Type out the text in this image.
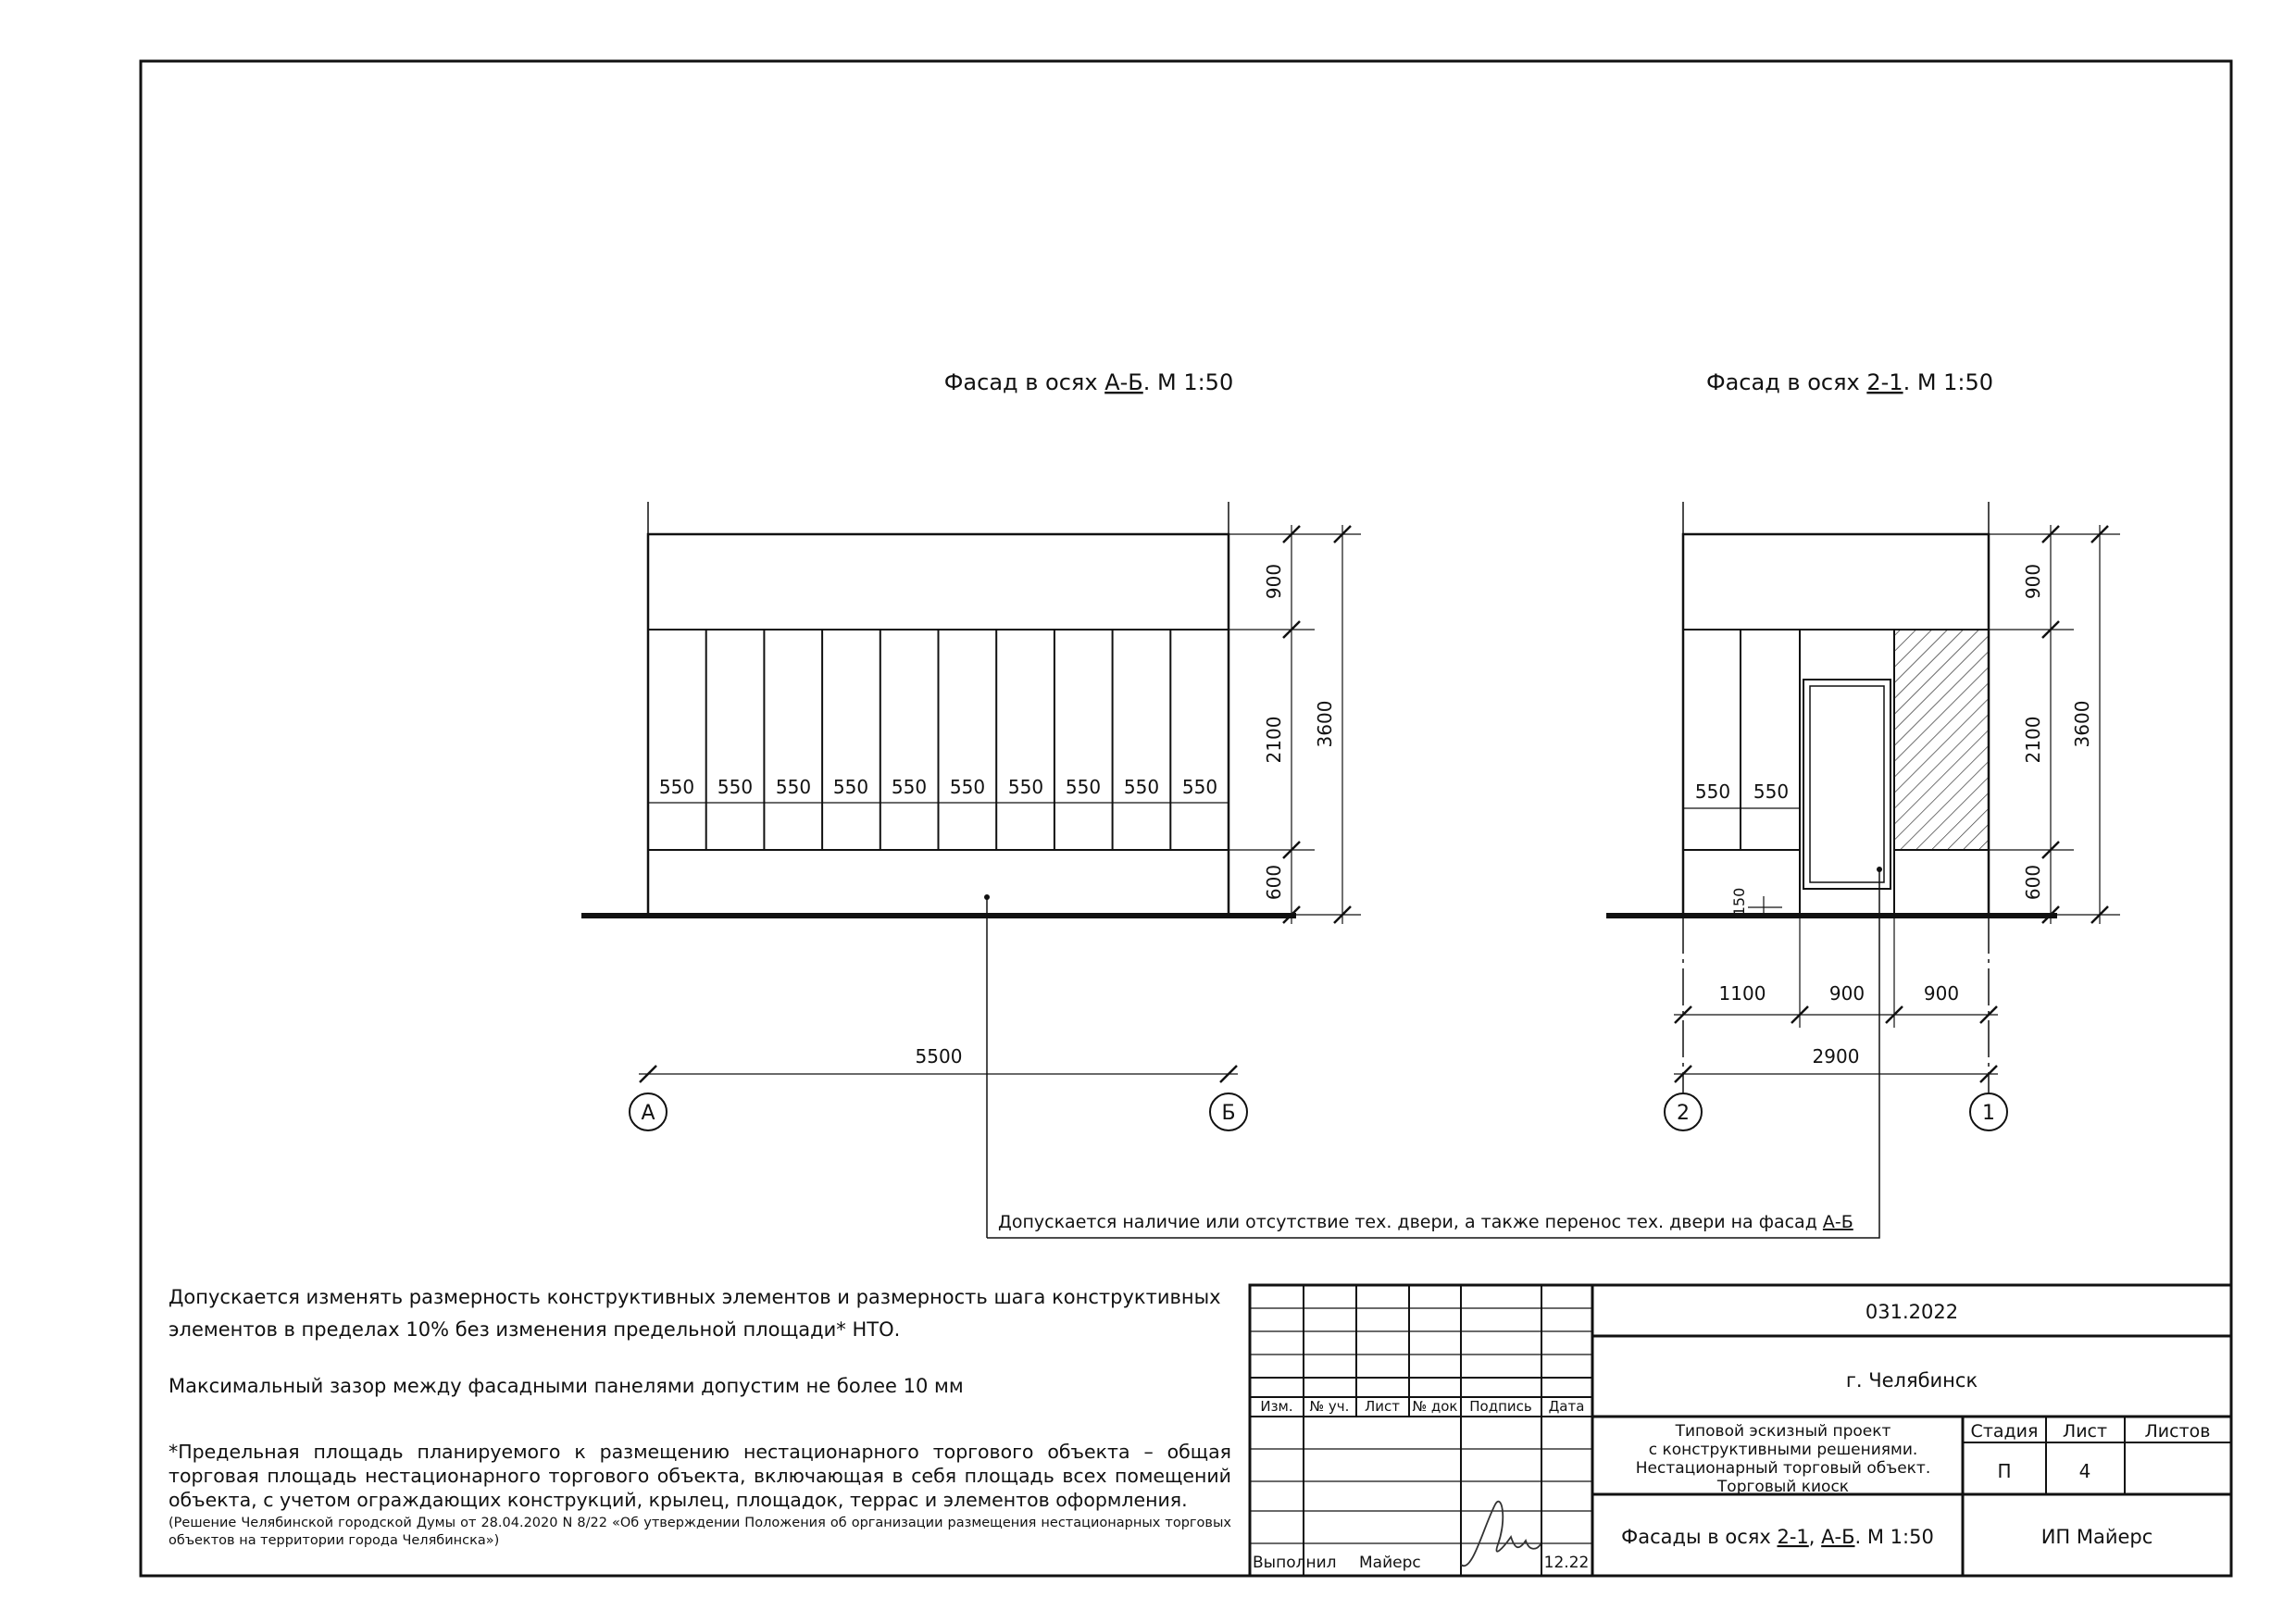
Фасад в осях А-Б. М 1:50	Фасад в осях 2-1. М 1:50
550 550 550 550 550 550 550 550 550 550
900
2100
600
3600
5500
А	Б
550 550
150
900
2100
600
3600
1100	900	900
2900
2	1
Допускается наличие или отсутствие тех. двери, а также перенос тех. двери на фасад А-Б
Изм. № уч. Лист № док Подпись Дата
Выполнил Майерс	12.22
031.2022
г. Челябинск
Типовой эскизный проект
с конструктивными решениями.
Нестационарный торговый объект.
Торговый киоск
Стадия Лист Листов
П	4
Фасады в осях 2-1, А-Б. М 1:50	ИП Майерс
Допускается изменять размерность конструктивных элементов и размерность шага конструктивных элементов в пределах 10% без изменения предельной площади* НТО.
Максимальный зазор между фасадными панелями допустим не более 10 мм
*Предельная площадь планируемого к размещению нестационарного торгового объекта – общая торговая площадь нестационарного торгового объекта, включающая в себя площадь всех помещений объекта, с учетом ограждающих конструкций, крылец, площадок, террас и элементов оформления.
(Решение Челябинской городской Думы от 28.04.2020 N 8/22 «Об утверждении Положения об организации размещения нестационарных торговых объектов на территории города Челябинска»)
